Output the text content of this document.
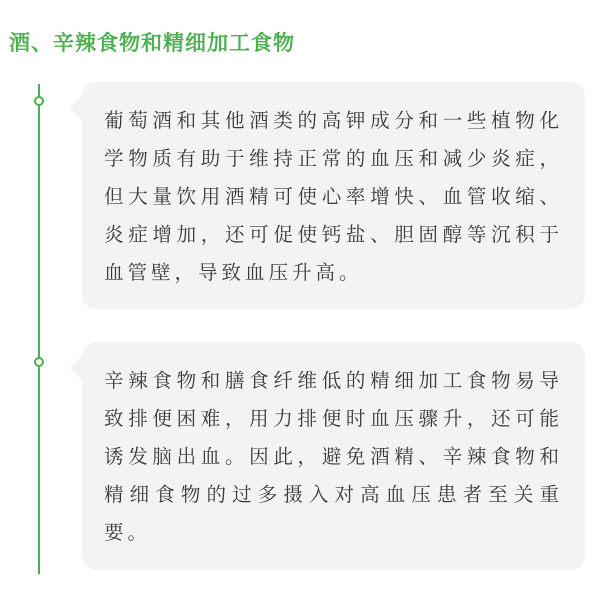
酒、辛辣食物和精细加工食物

葡萄酒和其他酒类的高钾成分和一些植物化学物质有助于维持正常的血压和减少炎症，但大量饮用酒精可使心率增快、血管收缩、炎症增加，还可促使钙盐、胆固醇等沉积于血管壁，导致血压升高。

辛辣食物和膳食纤维低的精细加工食物易导致排便困难，用力排便时血压骤升，还可能诱发脑出血。因此，避免酒精、辛辣食物和精细食物的过多摄入对高血压患者至关重要。
